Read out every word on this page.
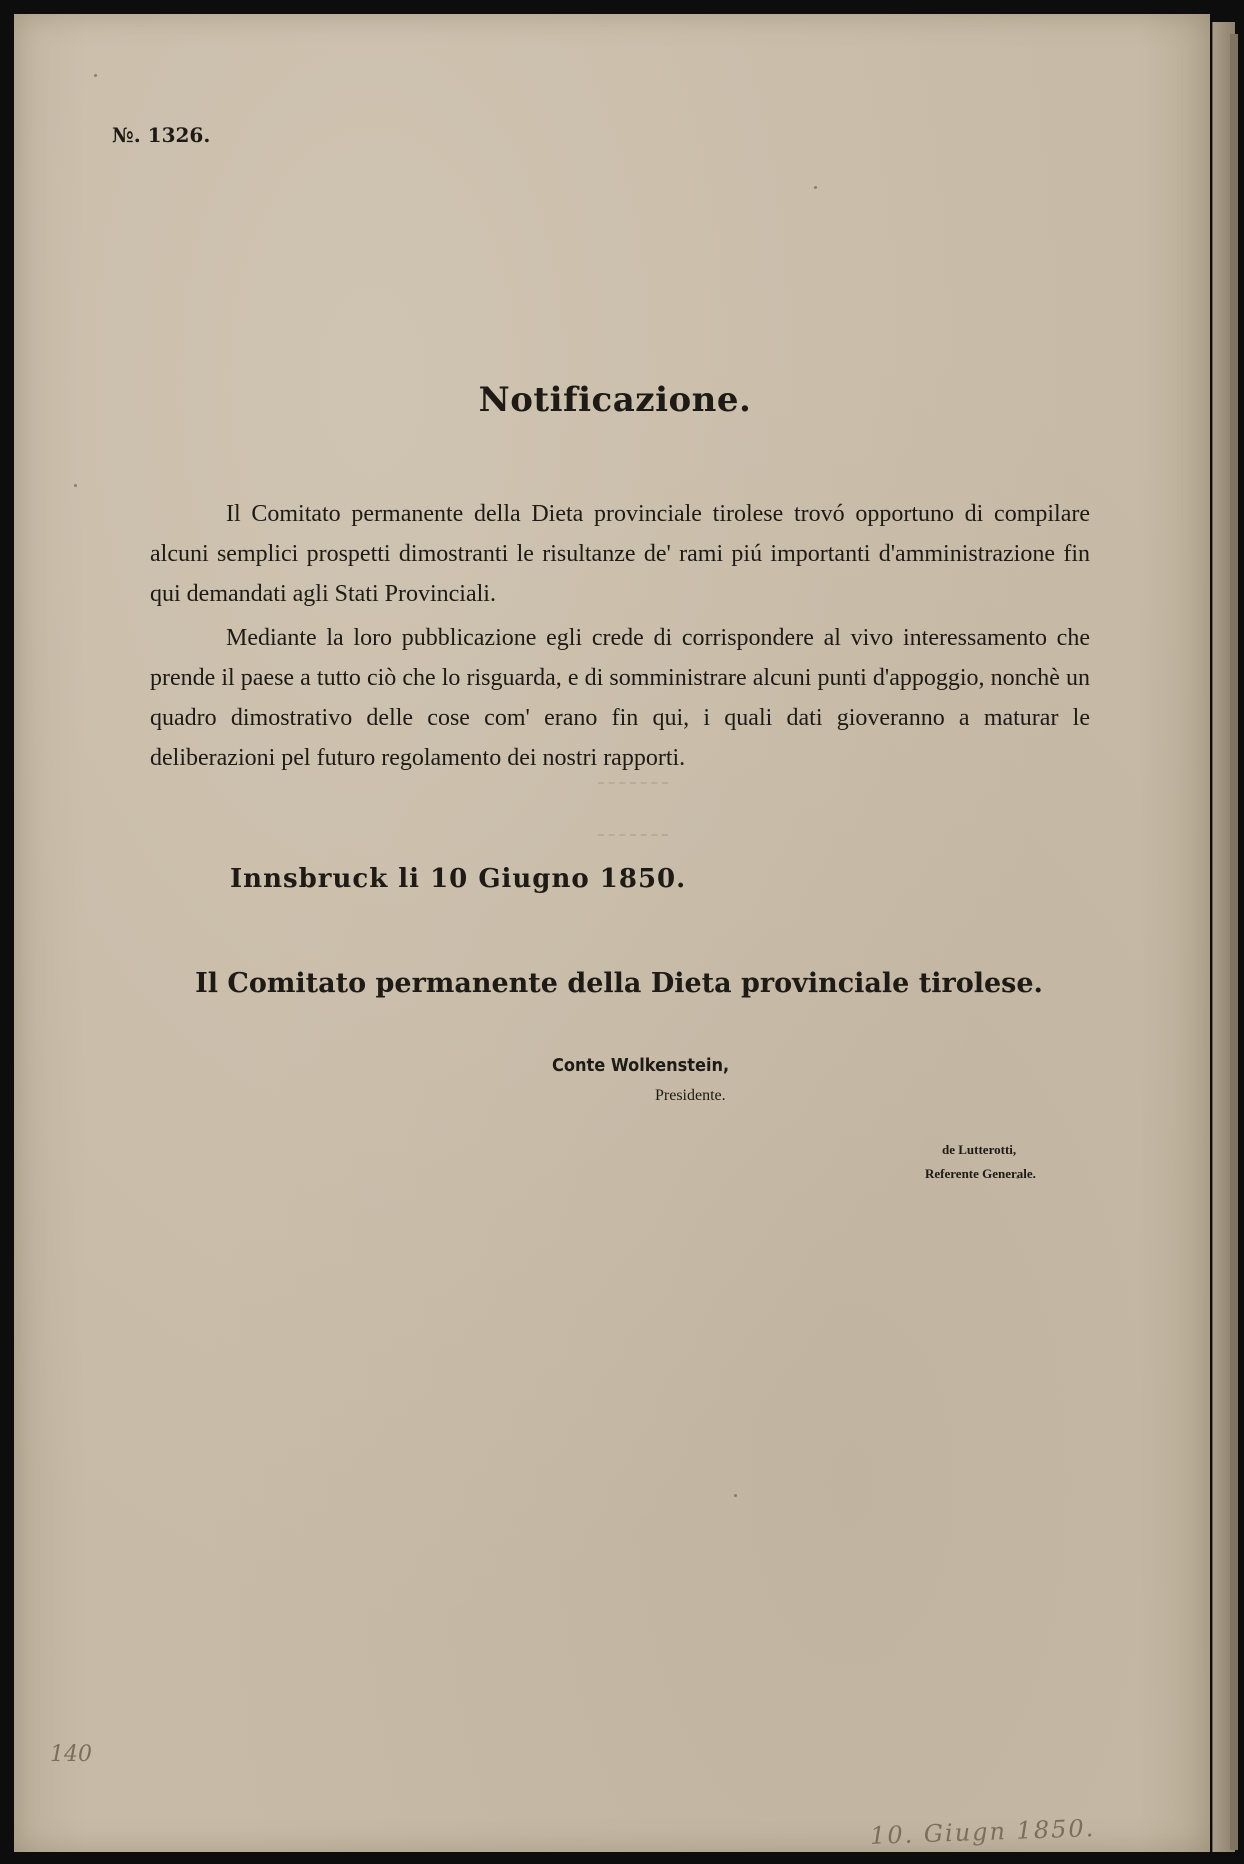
№. 1326.
Notificazione.
Il Comitato permanente della Dieta provinciale tirolese trovó opportuno di compilare alcuni semplici prospetti dimostranti le risultanze de' rami piú importanti d'amministrazione fin qui demandati agli Stati Provinciali.
Mediante la loro pubblicazione egli crede di corrispondere al vivo interessamento che prende il paese a tutto ciò che lo risguarda, e di somministrare alcuni punti d'appoggio, nonchè un quadro dimostrativo delle cose com' erano fin qui, i quali dati gioveranno a maturar le deliberazioni pel futuro regolamento dei nostri rapporti.
Innsbruck li 10 Giugno 1850.
Il Comitato permanente della Dieta provinciale tirolese.
Conte Wolkenstein,
Presidente.
de Lutterotti,
Referente Generale.
140
10. Giugn 1850.
